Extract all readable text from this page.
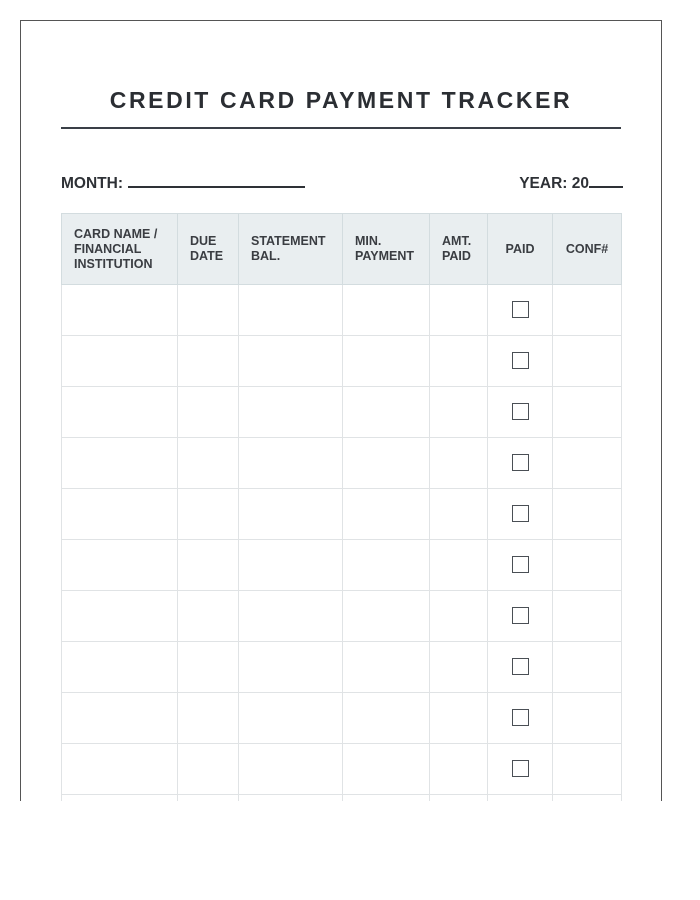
CREDIT CARD PAYMENT TRACKER
MONTH:	YEAR: 20
CARD NAME / FINANCIAL INSTITUTION	DUE DATE	STATEMENT BAL.	MIN. PAYMENT	AMT. PAID	PAID	CONF#
